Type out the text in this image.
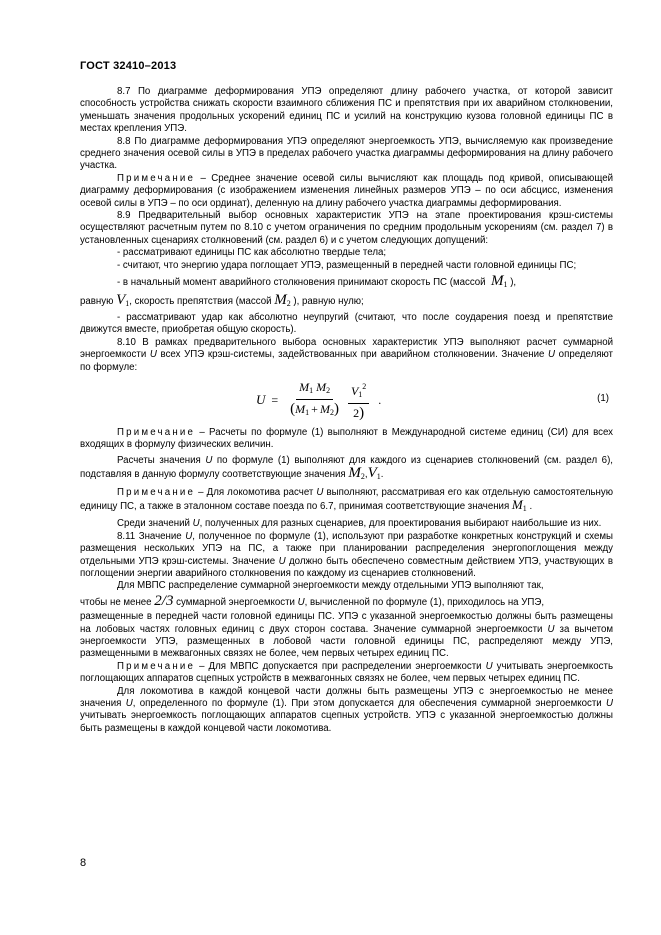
ГОСТ 32410–2013

8.7 По диаграмме деформирования УПЭ определяют длину рабочего участка, от которой зависит способность устройства снижать скорости взаимного сближения ПС и препятствия при их аварийном столкновении, уменьшать значения продольных ускорений единиц ПС и усилий на конструкцию кузова головной единицы ПС в местах крепления УПЭ.

8.8 По диаграмме деформирования УПЭ определяют энергоемкость УПЭ, вычисляемую как произведение среднего значения осевой силы в УПЭ в пределах рабочего участка диаграммы деформирования на длину рабочего участка.

Примечание – Среднее значение осевой силы вычисляют как площадь под кривой, описывающей диаграмму деформирования (с изображением изменения линейных размеров УПЭ – по оси абсцисс, изменения осевой силы в УПЭ – по оси ординат), деленную на длину рабочего участка диаграммы деформирования.

8.9 Предварительный выбор основных характеристик УПЭ на этапе проектирования крэш-системы осуществляют расчетным путем по 8.10 с учетом ограничения по средним продольным ускорениям (см. раздел 7) в установленных сценариях столкновений (см. раздел 6) и с учетом следующих допущений:

- рассматривают единицы ПС как абсолютно твердые тела;

- считают, что энергию удара поглощает УПЭ, размещенный в передней части головной единицы ПС;

- в начальный момент аварийного столкновения принимают скорость ПС (массой $M_1$ ),

равную $V_1$, скорость препятствия (массой $M_2$ ), равную нулю;

- рассматривают удар как абсолютно неупругий (считают, что после соударения поезд и препятствие движутся вместе, приобретая общую скорость).

8.10 В рамках предварительного выбора основных характеристик УПЭ выполняют расчет суммарной энергоемкости U всех УПЭ крэш-системы, задействованных при аварийном столкновении. Значение U определяют по формуле:

$U = \frac{M_1 M_2}{(M_1 + M_2)} \frac{V_1^2}{2)}$ .	(1)

Примечание – Расчеты по формуле (1) выполняют в Международной системе единиц (СИ) для всех входящих в формулу физических величин.

Расчеты значения U по формуле (1) выполняют для каждого из сценариев столкновений (см. раздел 6), подставляя в данную формулу соответствующие значения $M_2,V_1$.

Примечание – Для локомотива расчет U выполняют, рассматривая его как отдельную самостоятельную единицу ПС, а также в эталонном составе поезда по 6.7, принимая соответствующие значения $M_1$ .

Среди значений U, полученных для разных сценариев, для проектирования выбирают наибольшие из них.

8.11 Значение U, полученное по формуле (1), используют при разработке конкретных конструкций и схемы размещения нескольких УПЭ на ПС, а также при планировании распределения энергопоглощения между отдельными УПЭ крэш-системы. Значение U должно быть обеспечено совместным действием УПЭ, участвующих в поглощении энергии аварийного столкновения по каждому из сценариев столкновений.

Для МВПС распределение суммарной энергоемкости между отдельными УПЭ выполняют так,

чтобы не менее 2/3 суммарной энергоемкости U, вычисленной по формуле (1), приходилось на УПЭ,

размещенные в передней части головной единицы ПС. УПЭ с указанной энергоемкостью должны быть размещены на лобовых частях головных единиц с двух сторон состава. Значение суммарной энергоемкости U за вычетом энергоемкости УПЭ, размещенных в лобовой части головной единицы ПС, распределяют между УПЭ, размещенными в межвагонных связях не более, чем первых четырех единиц ПС.

Примечание – Для МВПС допускается при распределении энергоемкости U учитывать энергоемкость поглощающих аппаратов сцепных устройств в межвагонных связях не более, чем первых четырех единиц ПС.

Для локомотива в каждой концевой части должны быть размещены УПЭ с энергоемкостью не менее значения U, определенного по формуле (1). При этом допускается для обеспечения суммарной энергоемкости U учитывать энергоемкость поглощающих аппаратов сцепных устройств. УПЭ с указанной энергоемкостью должны быть размещены в каждой концевой части локомотива.

8
